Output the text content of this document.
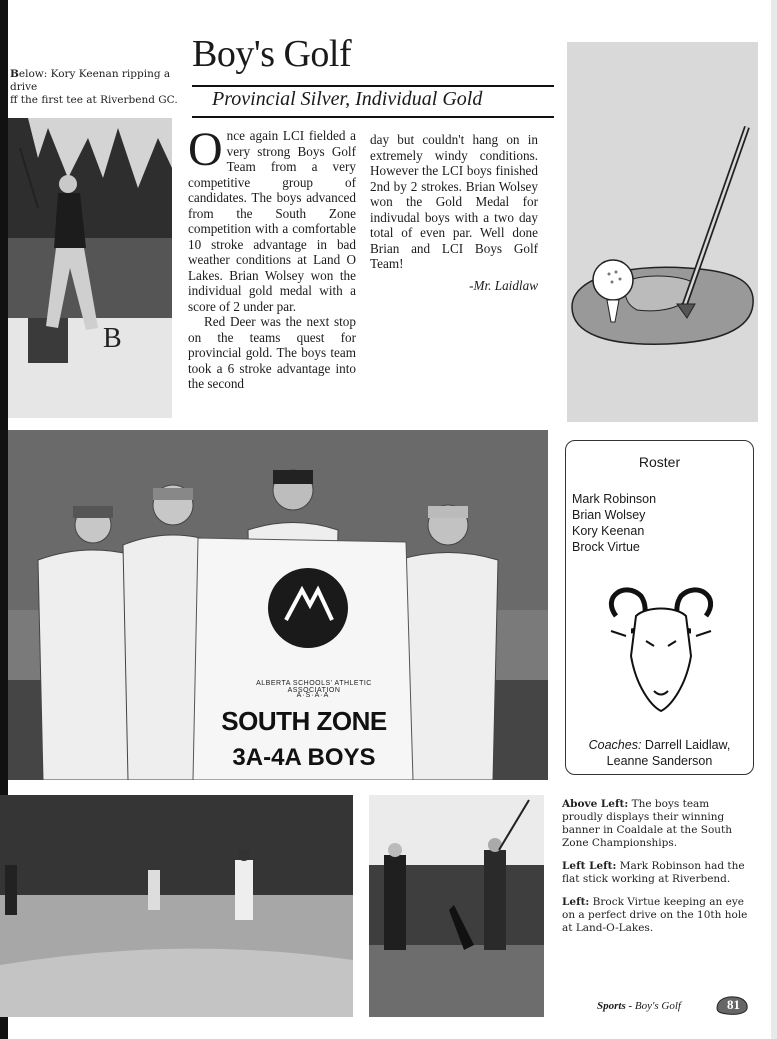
Below: Kory Keenan ripping a drive
ff the first tee at Riverbend GC.
B
Boy's Golf
Provincial Silver, Individual Gold

Once again LCI fielded a very strong Boys Golf Team from a very competitive group of candidates. The boys advanced from the South Zone competition with a comfortable 10 stroke advantage in bad weather conditions at Land O Lakes. Brian Wolsey won the individual gold medal with a score of 2 under par.

Red Deer was the next stop on the teams quest for provincial gold. The boys team took a 6 stroke advantage into the second

day but couldn't hang on in extremely windy conditions. However the LCI boys finished 2nd by 2 strokes. Brian Wolsey won the Gold Medal for indivudal boys with a two day total of even par. Well done Brian and LCI Boys Golf Team!

-Mr. Laidlaw

ALBERTA SCHOOLS' ATHLETIC ASSOCIATION
A·S·A·A
SOUTH ZONE
3A-4A BOYS
Roster
Mark Robinson
Brian Wolsey
Kory Keenan
Brock Virtue
Coaches: Darrell Laidlaw,
Leanne Sanderson

Above Left: The boys team proudly displays their winning banner in Coaldale at the South Zone Championships.

Left Left: Mark Robinson had the flat stick working at Riverbend.

Left: Brock Virtue keeping an eye on a perfect drive on the 10th hole at Land-O-Lakes.

Sports - Boy's Golf	81
